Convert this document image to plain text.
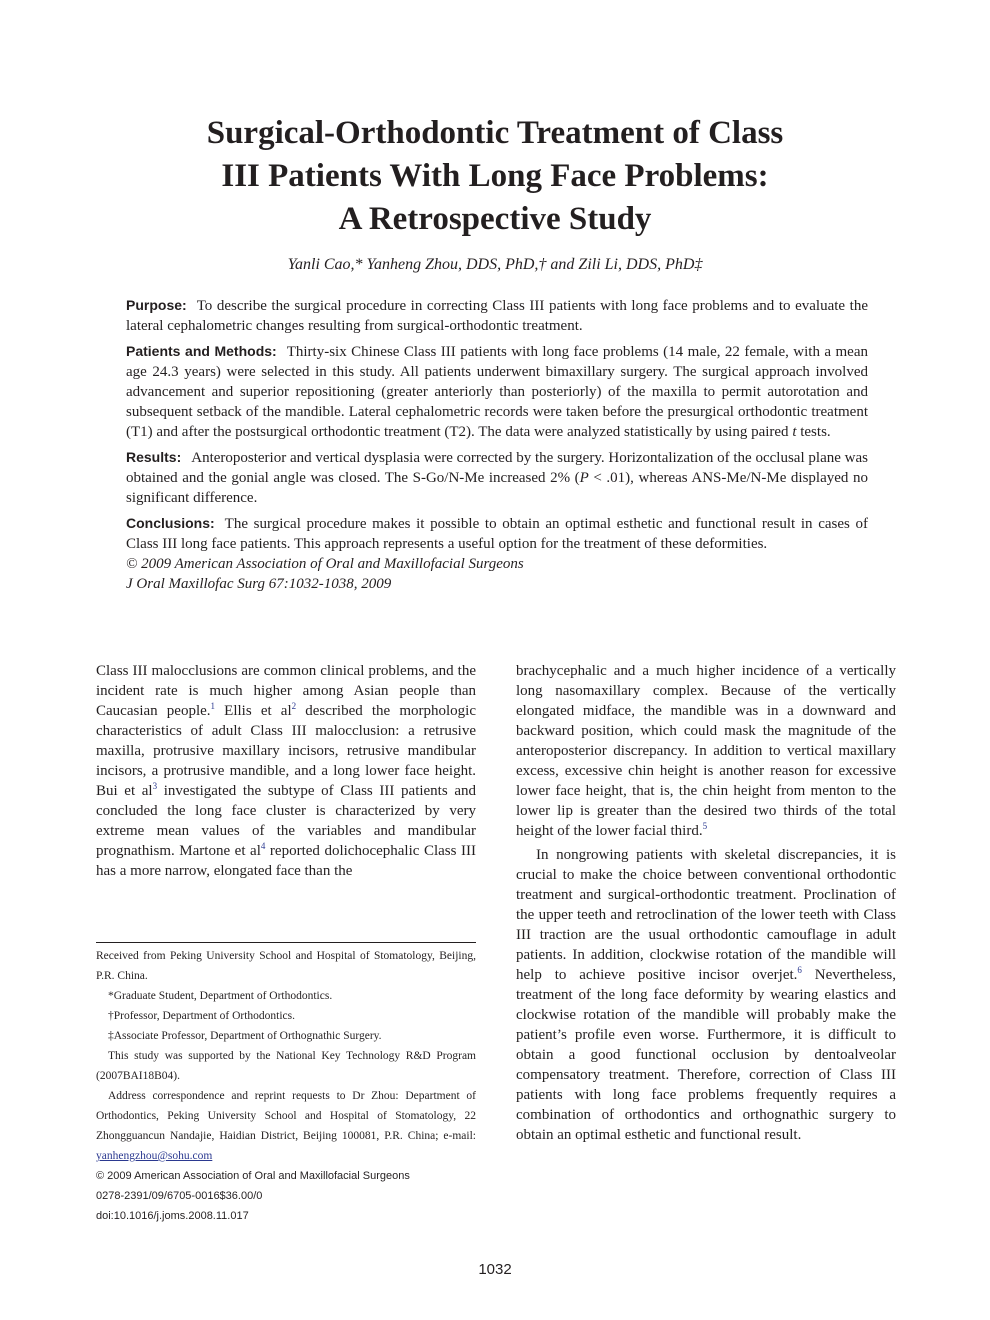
Surgical-Orthodontic Treatment of Class
III Patients With Long Face Problems:
A Retrospective Study
Yanli Cao,* Yanheng Zhou, DDS, PhD,† and Zili Li, DDS, PhD‡

Purpose: To describe the surgical procedure in correcting Class III patients with long face problems and to evaluate the lateral cephalometric changes resulting from surgical-orthodontic treatment.

Patients and Methods: Thirty-six Chinese Class III patients with long face problems (14 male, 22 female, with a mean age 24.3 years) were selected in this study. All patients underwent bimaxillary surgery. The surgical approach involved advancement and superior repositioning (greater anteriorly than posteriorly) of the maxilla to permit autorotation and subsequent setback of the mandible. Lateral cephalometric records were taken before the presurgical orthodontic treatment (T1) and after the postsurgical orthodontic treatment (T2). The data were analyzed statistically by using paired t tests.

Results: Anteroposterior and vertical dysplasia were corrected by the surgery. Horizontalization of the occlusal plane was obtained and the gonial angle was closed. The S-Go/N-Me increased 2% (P < .01), whereas ANS-Me/N-Me displayed no significant difference.

Conclusions: The surgical procedure makes it possible to obtain an optimal esthetic and functional result in cases of Class III long face patients. This approach represents a useful option for the treatment of these deformities.

© 2009 American Association of Oral and Maxillofacial Surgeons

J Oral Maxillofac Surg 67:1032-1038, 2009

Class III malocclusions are common clinical problems, and the incident rate is much higher among Asian people than Caucasian people.$^1$ Ellis et $al^2$ described the morphologic characteristics of adult Class III malocclusion: a retrusive maxilla, protrusive maxillary incisors, retrusive mandibular incisors, a protrusive mandible, and a long lower face height. Bui et $al^3$ investigated the subtype of Class III patients and concluded the long face cluster is characterized by very extreme mean values of the variables and mandibular prognathism. Martone et $al^4$ reported dolichocephalic Class III has a more narrow, elongated face than the

brachycephalic and a much higher incidence of a vertically long nasomaxillary complex. Because of the vertically elongated midface, the mandible was in a downward and backward position, which could mask the magnitude of the anteroposterior discrepancy. In addition to vertical maxillary excess, excessive chin height is another reason for excessive lower face height, that is, the chin height from menton to the lower lip is greater than the desired two thirds of the total height of the lower facial third.$^5$

In nongrowing patients with skeletal discrepancies, it is crucial to make the choice between conventional orthodontic treatment and surgical-orthodontic treatment. Proclination of the upper teeth and retroclination of the lower teeth with Class III traction are the usual orthodontic camouflage in adult patients. In addition, clockwise rotation of the mandible will help to achieve positive incisor overjet.$^6$ Nevertheless, treatment of the long face deformity by wearing elastics and clockwise rotation of the mandible will probably make the patient’s profile even worse. Furthermore, it is difficult to obtain a good functional occlusion by dentoalveolar compensatory treatment. Therefore, correction of Class III patients with long face problems frequently requires a combination of orthodontics and orthognathic surgery to obtain an optimal esthetic and functional result.

Received from Peking University School and Hospital of Stomatology, Beijing, P.R. China.

*Graduate Student, Department of Orthodontics.

†Professor, Department of Orthodontics.

‡Associate Professor, Department of Orthognathic Surgery.

This study was supported by the National Key Technology R&D Program (2007BAI18B04).

Address correspondence and reprint requests to Dr Zhou: Department of Orthodontics, Peking University School and Hospital of Stomatology, 22 Zhongguancun Nandajie, Haidian District, Beijing 100081, P.R. China; e-mail: yanhengzhou@sohu.com

© 2009 American Association of Oral and Maxillofacial Surgeons

0278-2391/09/6705-0016$36.00/0

doi:10.1016/j.joms.2008.11.017

1032
